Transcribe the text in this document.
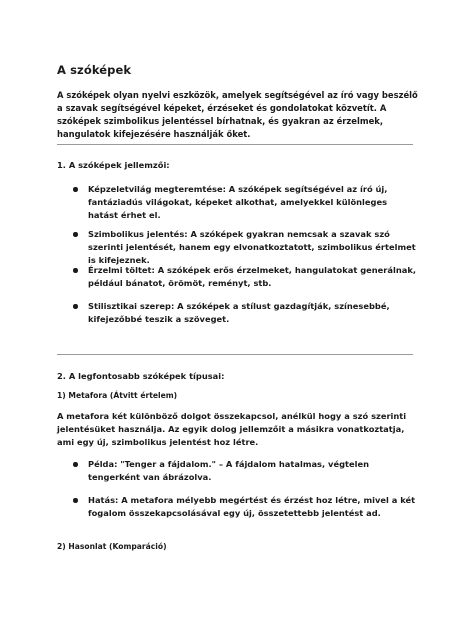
A szóképek
A szóképek olyan nyelvi eszközök, amelyek segítségével az író vagy beszélő a szavak segítségével képeket, érzéseket és gondolatokat közvetít. A szóképek szimbolikus jelentéssel bírhatnak, és gyakran az érzelmek, hangulatok kifejezésére használják őket.
1. A szóképek jellemzői:
Képzeletvilág megteremtése: A szóképek segítségével az író új, fantáziadús világokat, képeket alkothat, amelyekkel különleges hatást érhet el.
Szimbolikus jelentés: A szóképek gyakran nemcsak a szavak szó szerinti jelentését, hanem egy elvonatkoztatott, szimbolikus értelmet is kifejeznek.
Érzelmi töltet: A szóképek erős érzelmeket, hangulatokat generálnak, például bánatot, örömöt, reményt, stb.
Stilisztikai szerep: A szóképek a stílust gazdagítják, színesebbé, kifejezőbbé teszik a szöveget.
2. A legfontosabb szóképek típusai:
1) Metafora (Átvitt értelem)
A metafora két különböző dolgot összekapcsol, anélkül hogy a szó szerinti jelentésüket használja. Az egyik dolog jellemzőit a másikra vonatkoztatja, ami egy új, szimbolikus jelentést hoz létre.
Példa: "Tenger a fájdalom." – A fájdalom hatalmas, végtelen tengerként van ábrázolva.
Hatás: A metafora mélyebb megértést és érzést hoz létre, mivel a két fogalom összekapcsolásával egy új, összetettebb jelentést ad.
2) Hasonlat (Komparáció)
